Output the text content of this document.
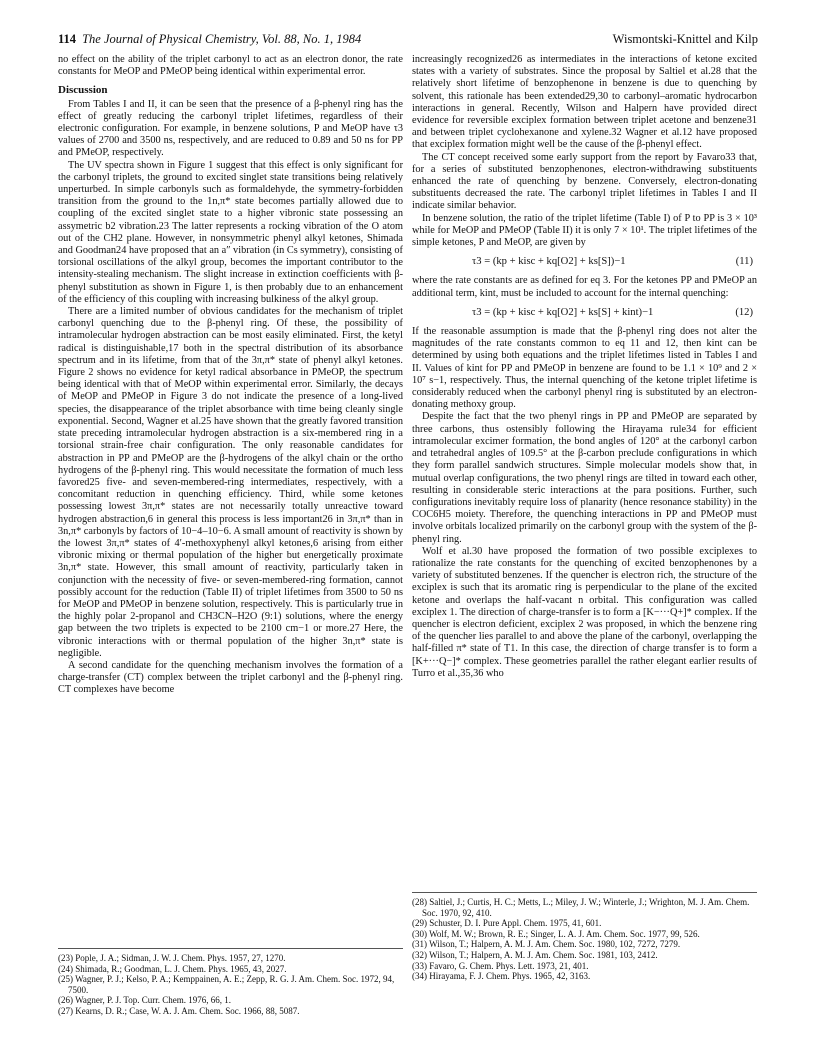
114 The Journal of Physical Chemistry, Vol. 88, No. 1, 1984	Wismontski-Knittel and Kilp

no effect on the ability of the triplet carbonyl to act as an electron donor, the rate constants for MeOP and PMeOP being identical within experimental error.

Discussion

From Tables I and II, it can be seen that the presence of a β-phenyl ring has the effect of greatly reducing the carbonyl triplet lifetimes, regardless of their electronic configuration. For example, in benzene solutions, P and MeOP have τ3 values of 2700 and 3500 ns, respectively, and are reduced to 0.89 and 50 ns for PP and PMeOP, respectively.

The UV spectra shown in Figure 1 suggest that this effect is only significant for the carbonyl triplets, the ground to excited singlet state transitions being relatively unperturbed. In simple carbonyls such as formaldehyde, the symmetry-forbidden transition from the ground to the 1n,π* state becomes partially allowed due to coupling of the excited singlet state to a higher vibronic state possessing an assymetric b2 vibration.23 The latter represents a rocking vibration of the O atom out of the CH2 plane. However, in nonsymmetric phenyl alkyl ketones, Shimada and Goodman24 have proposed that an a″ vibration (in Cs symmetry), consisting of torsional oscillations of the alkyl group, becomes the important contributor to the intensity-stealing mechanism. The slight increase in extinction coefficients with β-phenyl substitution as shown in Figure 1, is then probably due to an enhancement of the efficiency of this coupling with increasing bulkiness of the alkyl group.

There are a limited number of obvious candidates for the mechanism of triplet carbonyl quenching due to the β-phenyl ring. Of these, the possibility of intramolecular hydrogen abstraction can be most easily eliminated. First, the ketyl radical is distinguishable,17 both in the spectral distribution of its absorbance spectrum and in its lifetime, from that of the 3π,π* state of phenyl alkyl ketones. Figure 2 shows no evidence for ketyl radical absorbance in PMeOP, the spectrum being identical with that of MeOP within experimental error. Similarly, the decays of MeOP and PMeOP in Figure 3 do not indicate the presence of a long-lived species, the disappearance of the triplet absorbance with time being cleanly single exponential. Second, Wagner et al.25 have shown that the greatly favored transition state preceding intramolecular hydrogen abstraction is a six-membered ring in a torsional strain-free chair configuration. The only reasonable candidates for abstraction in PP and PMeOP are the β-hydrogens of the alkyl chain or the ortho hydrogens of the β-phenyl ring. This would necessitate the formation of much less favored25 five- and seven-membered-ring intermediates, respectively, with a concomitant reduction in quenching efficiency. Third, while some ketones possessing lowest 3π,π* states are not necessarily totally unreactive toward hydrogen abstraction,6 in general this process is less important26 in 3π,π* than in 3n,π* carbonyls by factors of 10−4–10−6. A small amount of reactivity is shown by the lowest 3π,π* states of 4′-methoxyphenyl alkyl ketones,6 arising from either vibronic mixing or thermal population of the higher but energetically proximate 3n,π* state. However, this small amount of reactivity, particularly taken in conjunction with the necessity of five- or seven-membered-ring formation, cannot possibly account for the reduction (Table II) of triplet lifetimes from 3500 to 50 ns for MeOP and PMeOP in benzene solution, respectively. This is particularly true in the highly polar 2-propanol and CH3CN–H2O (9:1) solutions, where the energy gap between the two triplets is expected to be 2100 cm−1 or more.27 Here, the vibronic interactions with or thermal population of the higher 3n,π* state is negligible.

A second candidate for the quenching mechanism involves the formation of a charge-transfer (CT) complex between the triplet carbonyl and the β-phenyl ring. CT complexes have become

increasingly recognized26 as intermediates in the interactions of ketone excited states with a variety of substrates. Since the proposal by Saltiel et al.28 that the relatively short lifetime of benzophenone in benzene is due to quenching by solvent, this rationale has been extended29,30 to carbonyl–aromatic hydrocarbon interactions in general. Recently, Wilson and Halpern have provided direct evidence for reversible exciplex formation between triplet acetone and benzene31 and between triplet cyclohexanone and xylene.32 Wagner et al.12 have proposed that exciplex formation might well be the cause of the β-phenyl effect.

The CT concept received some early support from the report by Favaro33 that, for a series of substituted benzophenones, electron-withdrawing substituents enhanced the rate of quenching by benzene. Conversely, electron-donating substituents decreased the rate. The carbonyl triplet lifetimes in Tables I and II indicate similar behavior.

In benzene solution, the ratio of the triplet lifetime (Table I) of P to PP is 3 × 10³ while for MeOP and PMeOP (Table II) it is only 7 × 10¹. The triplet lifetimes of the simple ketones, P and MeOP, are given by

τ3 = (kp + kisc + kq[O2] + ks[S])−1	(11)

where the rate constants are as defined for eq 3. For the ketones PP and PMeOP an additional term, kint, must be included to account for the internal quenching:

τ3 = (kp + kisc + kq[O2] + ks[S] + kint)−1	(12)

If the reasonable assumption is made that the β-phenyl ring does not alter the magnitudes of the rate constants common to eq 11 and 12, then kint can be determined by using both equations and the triplet lifetimes listed in Tables I and II. Values of kint for PP and PMeOP in benzene are found to be 1.1 × 10⁹ and 2 × 10⁷ s−1, respectively. Thus, the internal quenching of the ketone triplet lifetime is considerably reduced when the carbonyl phenyl ring is substituted by an electron-donating methoxy group.

Despite the fact that the two phenyl rings in PP and PMeOP are separated by three carbons, thus ostensibly following the Hirayama rule34 for efficient intramolecular excimer formation, the bond angles of 120° at the carbonyl carbon and tetrahedral angles of 109.5° at the β-carbon preclude configurations in which they form parallel sandwich structures. Simple molecular models show that, in mutual overlap configurations, the two phenyl rings are tilted in toward each other, resulting in considerable steric interactions at the para positions. Further, such configurations inevitably require loss of planarity (hence resonance stability) in the COC6H5 moiety. Therefore, the quenching interactions in PP and PMeOP must involve orbitals localized primarily on the carbonyl group with the system of the β-phenyl ring.

Wolf et al.30 have proposed the formation of two possible exciplexes to rationalize the rate constants for the quenching of excited benzophenones by a variety of substituted benzenes. If the quencher is electron rich, the structure of the exciplex is such that its aromatic ring is perpendicular to the plane of the excited ketone and overlaps the half-vacant n orbital. This configuration was called exciplex 1. The direction of charge-transfer is to form a [K−···Q+]* complex. If the quencher is electron deficient, exciplex 2 was proposed, in which the benzene ring of the quencher lies parallel to and above the plane of the carbonyl, overlapping the half-filled π* state of T1. In this case, the direction of charge transfer is to form a [K+···Q−]* complex. These geometries parallel the rather elegant earlier results of Turro et al.,35,36 who

(23) Pople, J. A.; Sidman, J. W. J. Chem. Phys. 1957, 27, 1270.
(24) Shimada, R.; Goodman, L. J. Chem. Phys. 1965, 43, 2027.
(25) Wagner, P. J.; Kelso, P. A.; Kemppainen, A. E.; Zepp, R. G. J. Am. Chem. Soc. 1972, 94, 7500.
(26) Wagner, P. J. Top. Curr. Chem. 1976, 66, 1.
(27) Kearns, D. R.; Case, W. A. J. Am. Chem. Soc. 1966, 88, 5087.
(28) Saltiel, J.; Curtis, H. C.; Metts, L.; Miley, J. W.; Winterle, J.; Wrighton, M. J. Am. Chem. Soc. 1970, 92, 410.
(29) Schuster, D. I. Pure Appl. Chem. 1975, 41, 601.
(30) Wolf, M. W.; Brown, R. E.; Singer, L. A. J. Am. Chem. Soc. 1977, 99, 526.
(31) Wilson, T.; Halpern, A. M. J. Am. Chem. Soc. 1980, 102, 7272, 7279.
(32) Wilson, T.; Halpern, A. M. J. Am. Chem. Soc. 1981, 103, 2412.
(33) Favaro, G. Chem. Phys. Lett. 1973, 21, 401.
(34) Hirayama, F. J. Chem. Phys. 1965, 42, 3163.
